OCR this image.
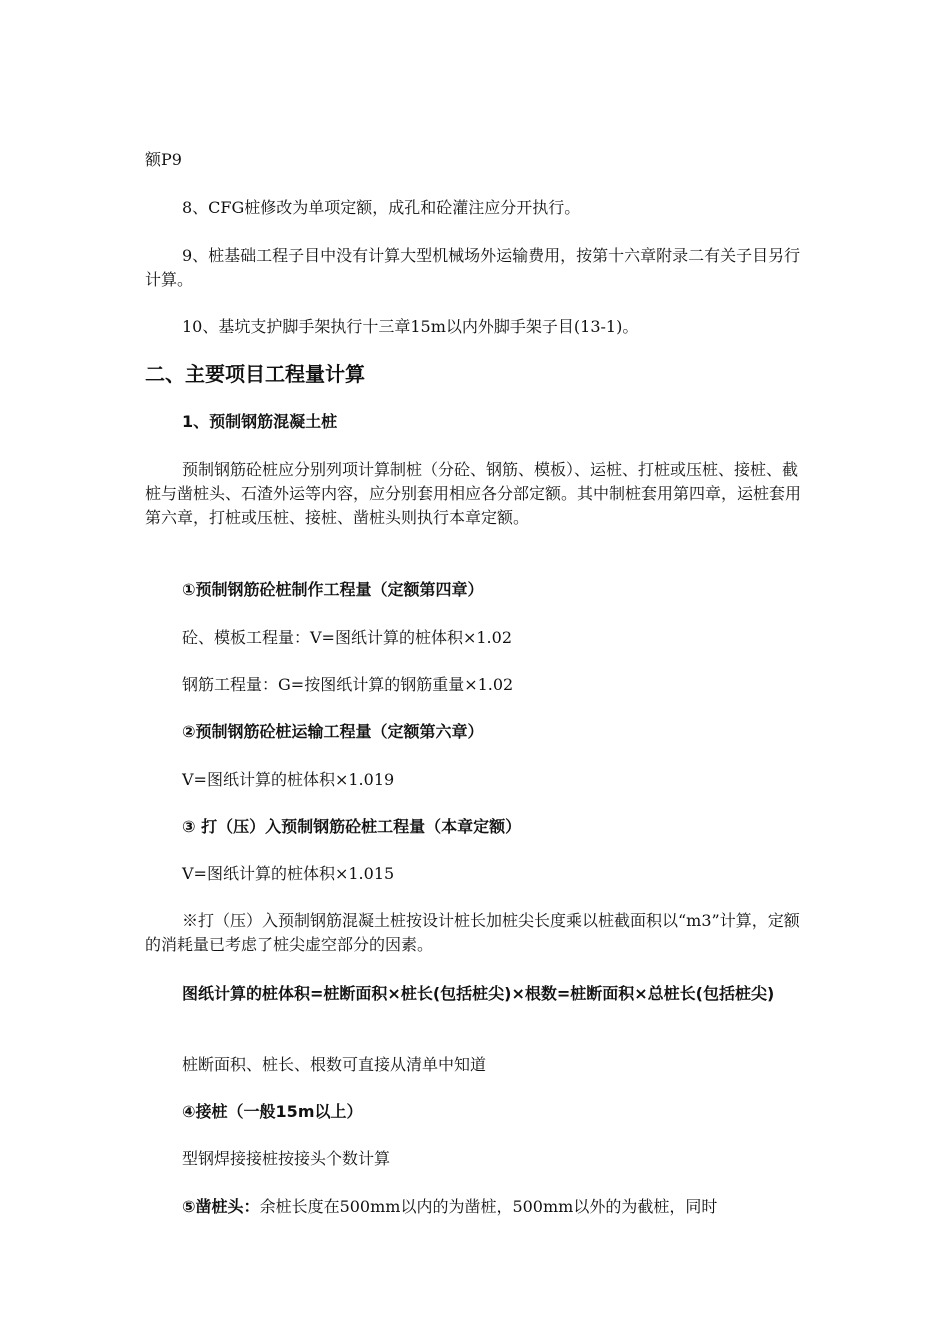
额P9
8、CFG桩修改为单项定额，成孔和砼灌注应分开执行。
9、桩基础工程子目中没有计算大型机械场外运输费用，按第十六章附录二有关子目另行计算。
10、基坑支护脚手架执行十三章15m以内外脚手架子目(13-1)。
二、主要项目工程量计算
1、预制钢筋混凝土桩
预制钢筋砼桩应分别列项计算制桩（分砼、钢筋、模板）、运桩、打桩或压桩、接桩、截桩与凿桩头、石渣外运等内容，应分别套用相应各分部定额。其中制桩套用第四章，运桩套用第六章，打桩或压桩、接桩、凿桩头则执行本章定额。
①预制钢筋砼桩制作工程量（定额第四章）
砼、模板工程量：V=图纸计算的桩体积×1.02
钢筋工程量：G=按图纸计算的钢筋重量×1.02
②预制钢筋砼桩运输工程量（定额第六章）
V=图纸计算的桩体积×1.019
③ 打（压）入预制钢筋砼桩工程量（本章定额）
V=图纸计算的桩体积×1.015
※打（压）入预制钢筋混凝土桩按设计桩长加桩尖长度乘以桩截面积以“m3”计算，定额的消耗量已考虑了桩尖虚空部分的因素。
图纸计算的桩体积=桩断面积×桩长(包括桩尖)×根数=桩断面积×总桩长(包括桩尖)
桩断面积、桩长、根数可直接从清单中知道
④接桩（一般15m以上）
型钢焊接接桩按接头个数计算
⑤凿桩头：余桩长度在500mm以内的为凿桩，500mm以外的为截桩，同时
